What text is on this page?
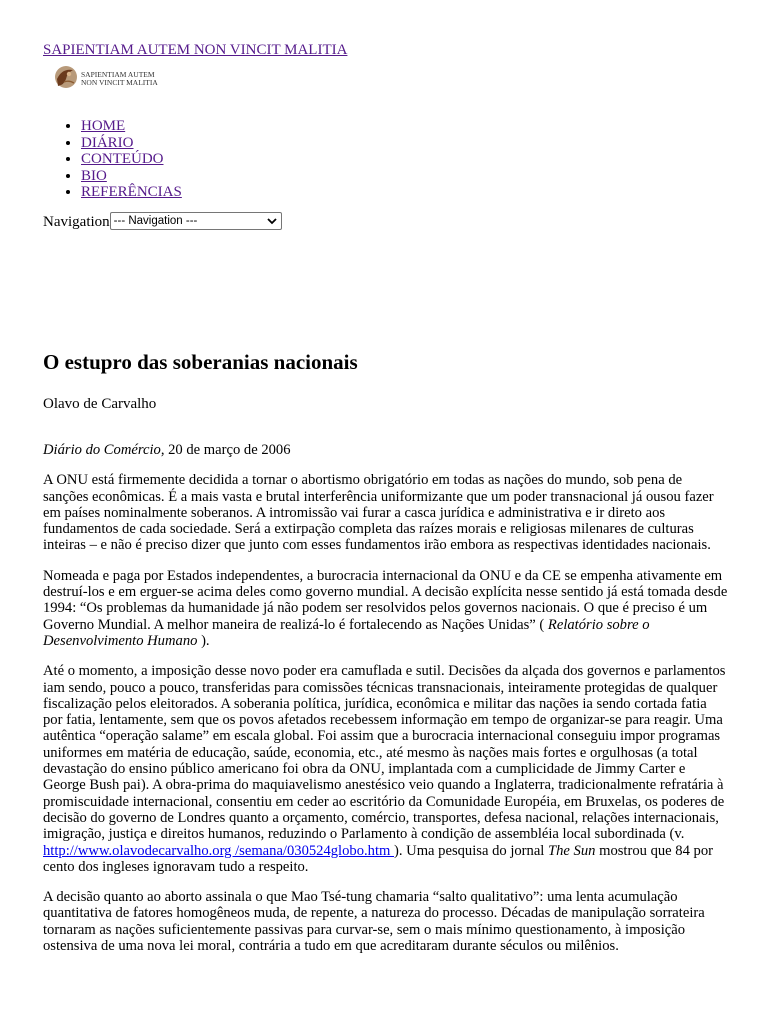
SAPIENTIAM AUTEM NON VINCIT MALITIA
SAPIENTIAM AUTEM
NON VINCIT MALITIA
• HOME
• DIÁRIO
• CONTEÚDO
• BIO
• REFERÊNCIAS
Navigation --- Navigation ---
O estupro das soberanias nacionais
Olavo de Carvalho

Diário do Comércio, 20 de março de 2006

A ONU está firmemente decidida a tornar o abortismo obrigatório em todas as nações do mundo, sob pena de sanções econômicas. É a mais vasta e brutal interferência uniformizante que um poder transnacional já ousou fazer em países nominalmente soberanos. A intromissão vai furar a casca jurídica e administrativa e ir direto aos fundamentos de cada sociedade. Será a extirpação completa das raízes morais e religiosas milenares de culturas inteiras – e não é preciso dizer que junto com esses fundamentos irão embora as respectivas identidades nacionais.

Nomeada e paga por Estados independentes, a burocracia internacional da ONU e da CE se empenha ativamente em destruí-los e em erguer-se acima deles como governo mundial. A decisão explícita nesse sentido já está tomada desde 1994: “Os problemas da humanidade já não podem ser resolvidos pelos governos nacionais. O que é preciso é um Governo Mundial. A melhor maneira de realizá-lo é fortalecendo as Nações Unidas” ( Relatório sobre o Desenvolvimento Humano ).

Até o momento, a imposição desse novo poder era camuflada e sutil. Decisões da alçada dos governos e parlamentos iam sendo, pouco a pouco, transferidas para comissões técnicas transnacionais, inteiramente protegidas de qualquer fiscalização pelos eleitorados. A soberania política, jurídica, econômica e militar das nações ia sendo cortada fatia por fatia, lentamente, sem que os povos afetados recebessem informação em tempo de organizar-se para reagir. Uma autêntica “operação salame” em escala global. Foi assim que a burocracia internacional conseguiu impor programas uniformes em matéria de educação, saúde, economia, etc., até mesmo às nações mais fortes e orgulhosas (a total devastação do ensino público americano foi obra da ONU, implantada com a cumplicidade de Jimmy Carter e George Bush pai). A obra-prima do maquiavelismo anestésico veio quando a Inglaterra, tradicionalmente refratária à promiscuidade internacional, consentiu em ceder ao escritório da Comunidade Européia, em Bruxelas, os poderes de decisão do governo de Londres quanto a orçamento, comércio, transportes, defesa nacional, relações internacionais, imigração, justiça e direitos humanos, reduzindo o Parlamento à condição de assembléia local subordinada (v. http://www.olavodecarvalho.org /semana/030524globo.htm ). Uma pesquisa do jornal The Sun mostrou que 84 por cento dos ingleses ignoravam tudo a respeito.

A decisão quanto ao aborto assinala o que Mao Tsé-tung chamaria “salto qualitativo”: uma lenta acumulação quantitativa de fatores homogêneos muda, de repente, a natureza do processo. Décadas de manipulação sorrateira tornaram as nações suficientemente passivas para curvar-se, sem o mais mínimo questionamento, à imposição ostensiva de uma nova lei moral, contrária a tudo em que acreditaram durante séculos ou milênios.
